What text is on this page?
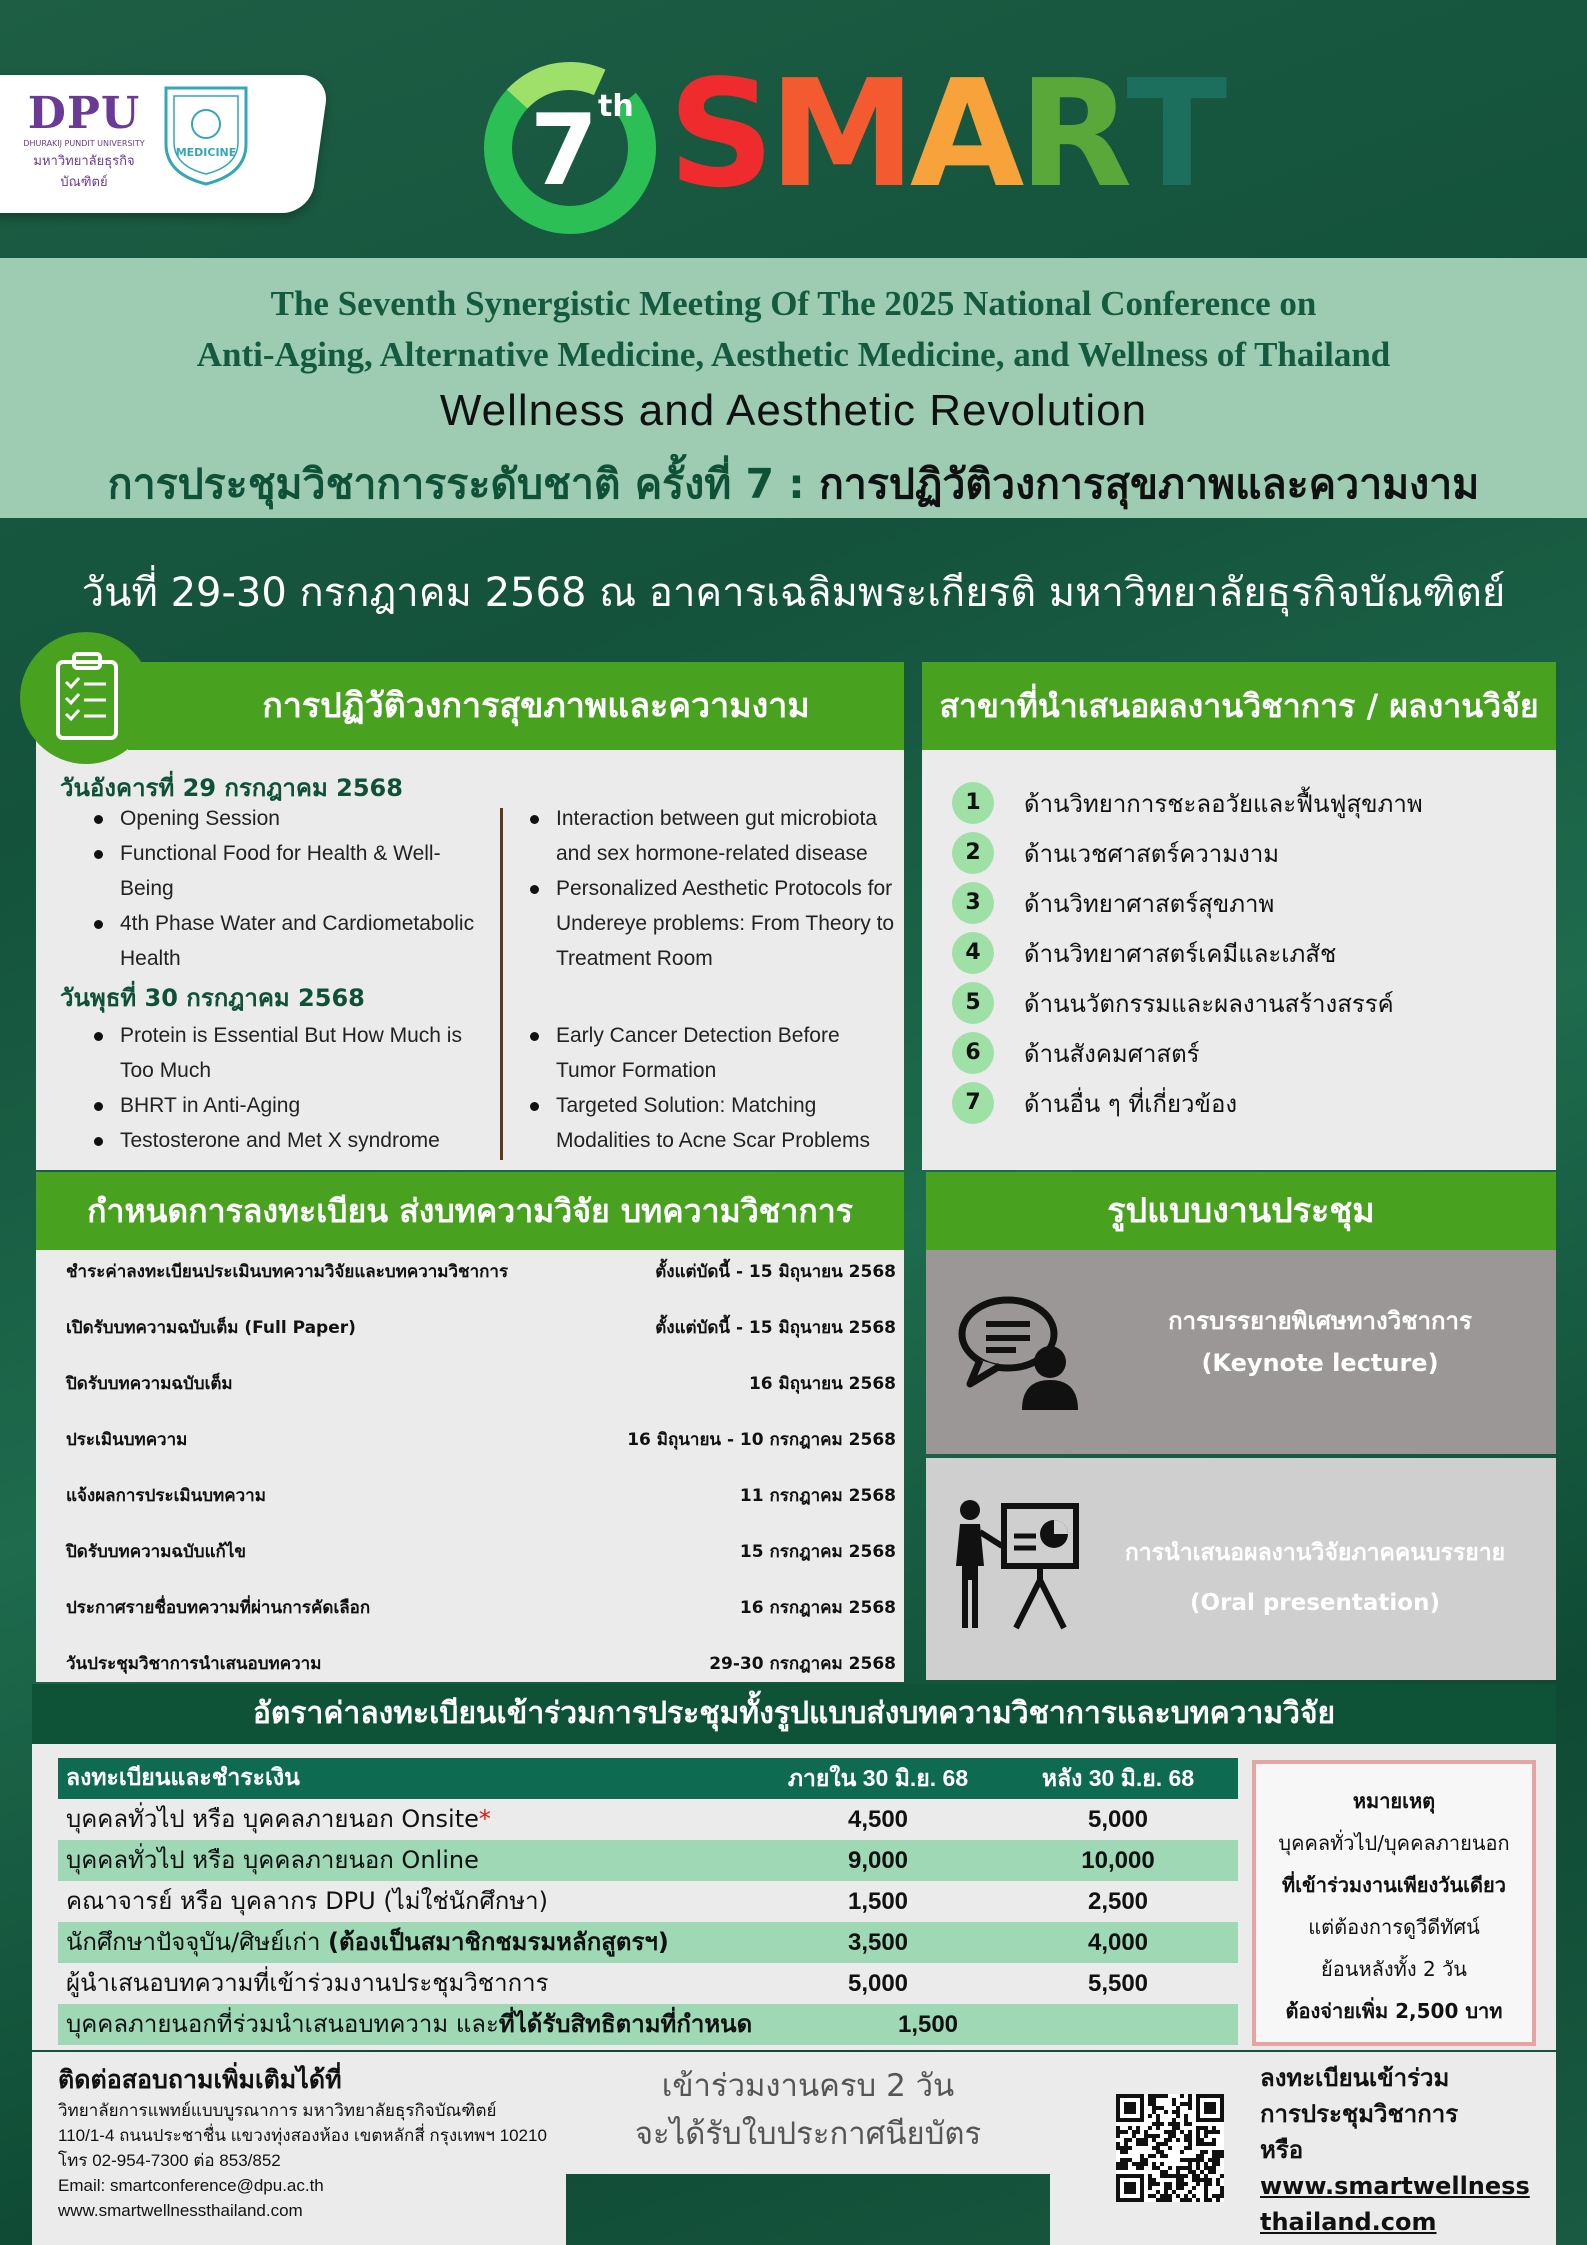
DPU
DHURAKIJ PUNDIT UNIVERSITY
มหาวิทยาลัยธุรกิจบัณฑิตย์
MEDICINE	7 th SMART
The Seventh Synergistic Meeting Of The 2025 National Conference on
Anti-Aging, Alternative Medicine, Aesthetic Medicine, and Wellness of Thailand
Wellness and Aesthetic Revolution
การประชุมวิชาการระดับชาติ ครั้งที่ 7 : การปฏิวัติวงการสุขภาพและความงาม
วันที่ 29-30 กรกฎาคม 2568 ณ อาคารเฉลิมพระเกียรติ มหาวิทยาลัยธุรกิจบัณฑิตย์
การปฏิวัติวงการสุขภาพและความงาม
วันอังคารที่ 29 กรกฎาคม 2568
วันพุธที่ 30 กรกฎาคม 2568
Opening Session
Functional Food for Health & Well-Being
4th Phase Water and Cardiometabolic Health
Interaction between gut microbiota and sex hormone-related disease
Personalized Aesthetic Protocols for Undereye problems: From Theory to Treatment Room
Protein is Essential But How Much is Too Much
BHRT in Anti-Aging
Testosterone and Met X syndrome
Early Cancer Detection Before Tumor Formation
Targeted Solution: Matching Modalities to Acne Scar Problems
สาขาที่นำเสนอผลงานวิชาการ / ผลงานวิจัย
1	ด้านวิทยาการชะลอวัยและฟื้นฟูสุขภาพ
2	ด้านเวชศาสตร์ความงาม
3	ด้านวิทยาศาสตร์สุขภาพ
4	ด้านวิทยาศาสตร์เคมีและเภสัช
5	ด้านนวัตกรรมและผลงานสร้างสรรค์
6	ด้านสังคมศาสตร์
7	ด้านอื่น ๆ ที่เกี่ยวข้อง
กำหนดการลงทะเบียน ส่งบทความวิจัย บทความวิชาการ
ชำระค่าลงทะเบียนประเมินบทความวิจัยและบทความวิชาการ	ตั้งแต่บัดนี้ - 15 มิถุนายน 2568
เปิดรับบทความฉบับเต็ม (Full Paper)	ตั้งแต่บัดนี้ - 15 มิถุนายน 2568
ปิดรับบทความฉบับเต็ม	16 มิถุนายน 2568
ประเมินบทความ	16 มิถุนายน - 10 กรกฎาคม 2568
แจ้งผลการประเมินบทความ	11 กรกฎาคม 2568
ปิดรับบทความฉบับแก้ไข	15 กรกฎาคม 2568
ประกาศรายชื่อบทความที่ผ่านการคัดเลือก	16 กรกฎาคม 2568
วันประชุมวิชาการนำเสนอบทความ	29-30 กรกฎาคม 2568
รูปแบบงานประชุม
การบรรยายพิเศษทางวิชาการ
(Keynote lecture)
การนำเสนอผลงานวิจัยภาคคนบรรยาย
(Oral presentation)
อัตราค่าลงทะเบียนเข้าร่วมการประชุมทั้งรูปแบบส่งบทความวิชาการและบทความวิจัย
ลงทะเบียนและชำระเงิน	ภายใน 30 มิ.ย. 68	หลัง 30 มิ.ย. 68
บุคคลทั่วไป หรือ บุคคลภายนอก Onsite*	4,500	5,000
บุคคลทั่วไป หรือ บุคคลภายนอก Online	9,000	10,000
คณาจารย์ หรือ บุคลากร DPU (ไม่ใช่นักศึกษา)	1,500	2,500
นักศึกษาปัจจุบัน/ศิษย์เก่า (ต้องเป็นสมาชิกชมรมหลักสูตรฯ)	3,500	4,000
ผู้นำเสนอบทความที่เข้าร่วมงานประชุมวิชาการ	5,000	5,500
บุคคลภายนอกที่ร่วมนำเสนอบทความ และที่ได้รับสิทธิตามที่กำหนด	1,500
หมายเหตุ
บุคคลทั่วไป/บุคคลภายนอก
ที่เข้าร่วมงานเพียงวันเดียว
แต่ต้องการดูวีดีทัศน์
ย้อนหลังทั้ง 2 วัน
ต้องจ่ายเพิ่ม 2,500 บาท
ติดต่อสอบถามเพิ่มเติมได้ที่
วิทยาลัยการแพทย์แบบบูรณาการ มหาวิทยาลัยธุรกิจบัณฑิตย์
110/1-4 ถนนประชาชื่น แขวงทุ่งสองห้อง เขตหลักสี่ กรุงเทพฯ 10210
โทร 02-954-7300 ต่อ 853/852
Email: smartconference@dpu.ac.th
www.smartwellnessthailand.com
เข้าร่วมงานครบ 2 วัน
จะได้รับใบประกาศนียบัตร
ลงทะเบียนเข้าร่วม
การประชุมวิชาการ
หรือ
www.smartwellness
thailand.com
